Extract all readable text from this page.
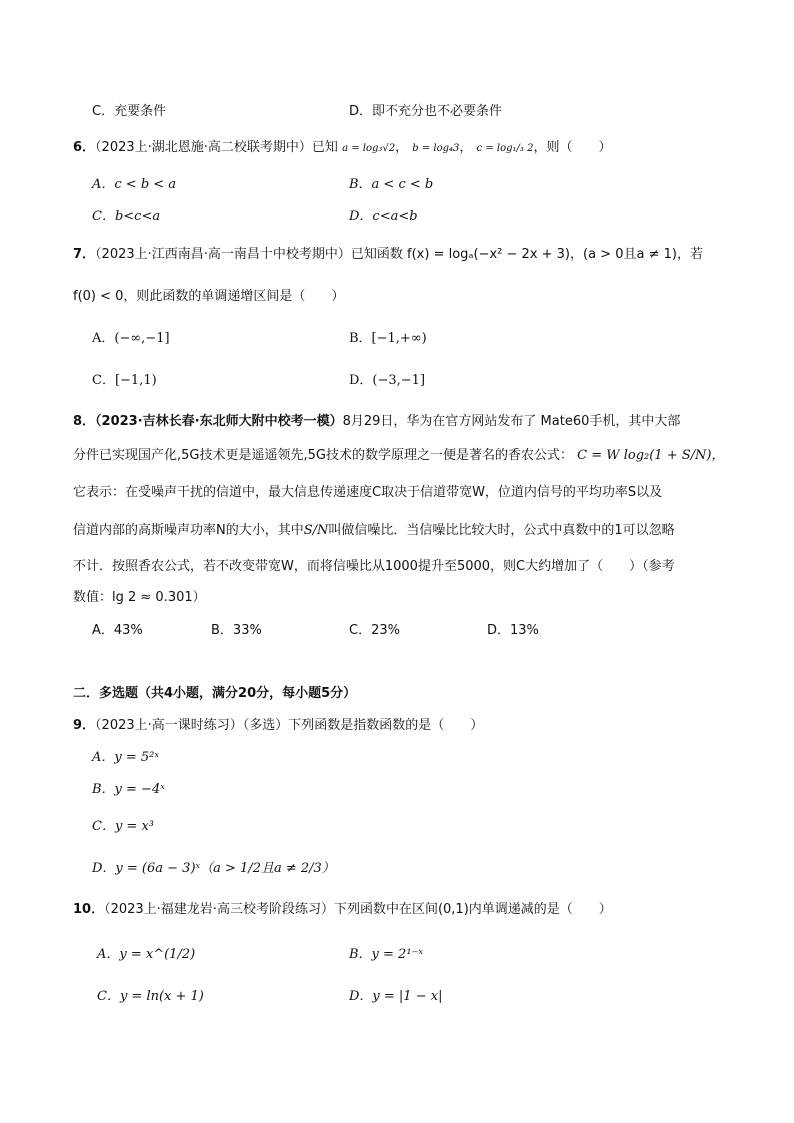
C．充要条件	D．即不充分也不必要条件
6．（2023上·湖北恩施·高二校联考期中）已知 a = log₃√2， b = log₄3， c = log₁/₃ 2，则（　　）
A．c < b < a	B．a < c < b
C．b<c<a	D．c<a<b
7．（2023上·江西南昌·高一南昌十中校考期中）已知函数 f(x) = logₐ(−x² − 2x + 3)，(a > 0且a ≠ 1)，若
f(0) < 0，则此函数的单调递增区间是（　　）
A．(−∞,−1]	B．[−1,+∞)
C．[−1,1)	D．(−3,−1]
8．（2023·吉林长春·东北师大附中校考一模）8月29日，华为在官方网站发布了 Mate60手机，其中大部
分件已实现国产化,5G技术更是遥遥领先,5G技术的数学原理之一便是著名的香农公式： C = W log₂(1 + S/N)，
它表示：在受噪声干扰的信道中，最大信息传递速度C取决于信道带宽W，位道内信号的平均功率S以及
信道内部的高斯噪声功率N的大小，其中S/N叫做信噪比．当信噪比比较大时，公式中真数中的1可以忽略
不计．按照香农公式，若不改变带宽W，而将信噪比从1000提升至5000，则C大约增加了（　　）（参考
数值：lg 2 ≈ 0.301）
A．43%	B．33%	C．23%	D．13%
二．多选题（共4小题，满分20分，每小题5分）
9．（2023上·高一课时练习）（多选）下列函数是指数函数的是（　　）
A．y = 5²ˣ
B．y = −4ˣ
C．y = x³
D．y = (6a − 3)ˣ（a > 1/2且a ≠ 2/3）
10．（2023上·福建龙岩·高三校考阶段练习）下列函数中在区间(0,1)内单调递减的是（　　）
A．y = x^(1/2)	B．y = 2¹⁻ˣ
C．y = ln(x + 1)	D．y = |1 − x|
